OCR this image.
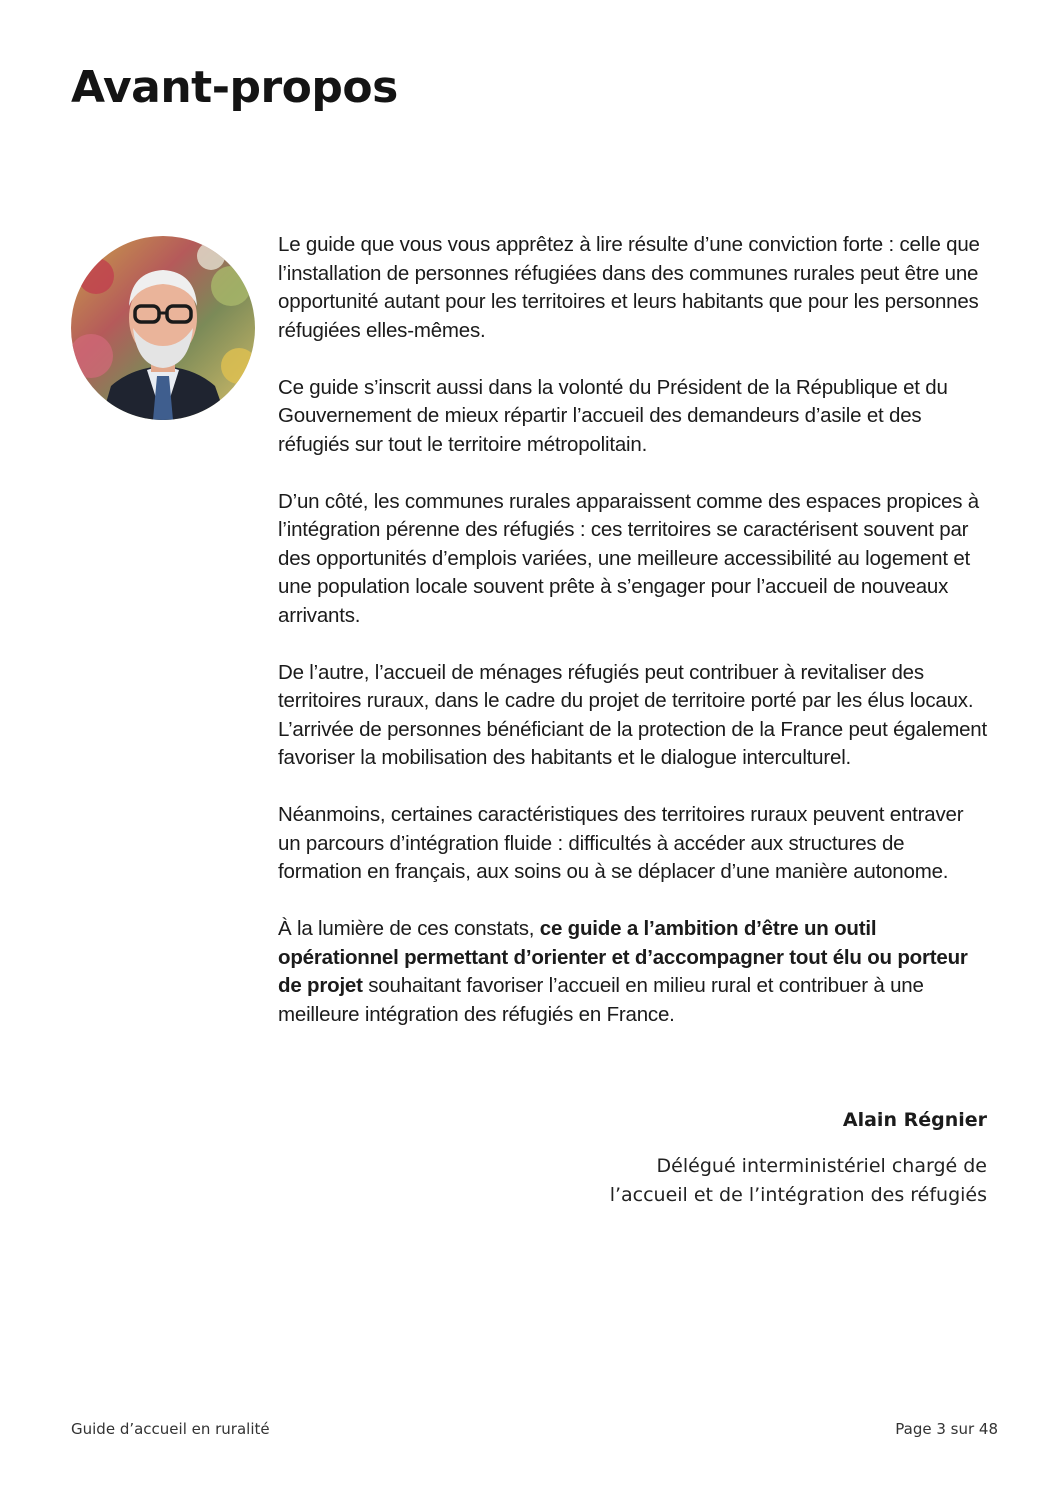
Avant-propos

Le guide que vous vous apprêtez à lire résulte d’une conviction forte : celle que l’installation de personnes réfugiées dans des communes rurales peut être une opportunité autant pour les territoires et leurs habitants que pour les personnes réfugiées elles-mêmes.

Ce guide s’inscrit aussi dans la volonté du Président de la République et du Gouvernement de mieux répartir l’accueil des demandeurs d’asile et des réfugiés sur tout le territoire métropolitain.

D’un côté, les communes rurales apparaissent comme des espaces propices à l’intégration pérenne des réfugiés : ces territoires se caractérisent souvent par des opportunités d’emplois variées, une meilleure accessibilité au logement et une population locale souvent prête à s’engager pour l’accueil de nouveaux arrivants.

De l’autre, l’accueil de ménages réfugiés peut contribuer à revitaliser des territoires ruraux, dans le cadre du projet de territoire porté par les élus locaux. L’arrivée de personnes bénéficiant de la protection de la France peut également favoriser la mobilisation des habitants et le dialogue interculturel.

Néanmoins, certaines caractéristiques des territoires ruraux peuvent entraver un parcours d’intégration fluide : difficultés à accéder aux structures de formation en français, aux soins ou à se déplacer d’une manière autonome.

À la lumière de ces constats, ce guide a l’ambition d’être un outil opérationnel permettant d’orienter et d’accompagner tout élu ou porteur de projet souhaitant favoriser l’accueil en milieu rural et contribuer à une meilleure intégration des réfugiés en France.

Alain Régnier

Délégué interministériel chargé de

l’accueil et de l’intégration des réfugiés

Guide d’accueil en ruralité	Page 3 sur 48
